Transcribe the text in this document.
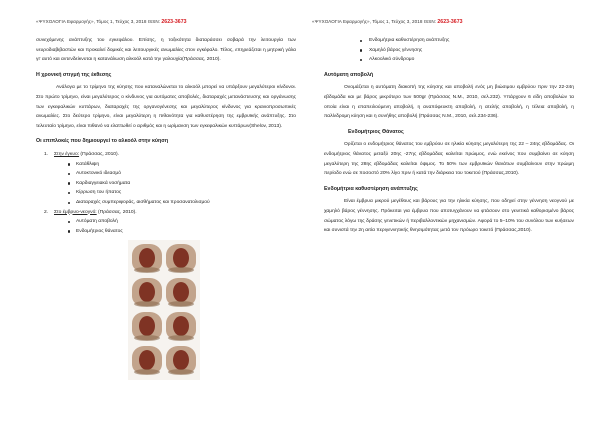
«ΨΥΧΟΛΟΓΙΑ Εφαρμογής», Τόμος 1, Τεύχος 3, 2018 ISSN: 2623-3673	«ΨΥΧΟΛΟΓΙΑ Εφαρμογής», Τόμος 1, Τεύχος 3, 2018 ISSN: 2623-3673

συνεχόμενης ανάπτυξης του εγκεφάλου. Επίσης, η τοξικότητα διαταράσσει σοβαρά την λειτουργία των νευροδιαβιβαστών και προκαλεί δομικές και λειτουργικές ανωμαλίες στον εγκέφαλο. Τέλος, επηρεάζεται η μητρική γάλα γι' αυτό και αντενδείκνυται η κατανάλωση αλκοόλ κατά την γαλουχία(Πράσσας, 2010).

Η χρονική στιγμή της έκθεσης

Ανάλογα με το τρίμηνο της κύησης που καταναλώνεται το αλκοόλ μπορεί να υπάρξουν μεγαλύτεροι κίνδυνοι. Στο πρώτο τρίμηνο, είναι μεγαλύτερος ο κίνδυνος για αυτόματες αποβολές, διαταραχές μετανάστευσης και οργάνωσης των εγκεφαλικών κυττάρων, διαταραχές της οργανογένεσης και μεγαλύτερος κίνδυνος για κρανιοπροσωπικές ανωμαλίες. Στο δεύτερο τρίμηνο, είναι μεγαλύτερη η πιθανότητα για καθυστέρηση της εμβρυϊκής ανάπτυξης. Στο τελευταίο τρίμηνο, είναι πιθανό να ελαττωθεί ο αριθμός και η ωρίμανση των εγκεφαλικών κυττάρων(Shelov, 2013).

Οι επιπλοκές που δημιουργεί το αλκοόλ στην κύηση
1. Στην έγκυο: (Πράσσας, 2010).
Κατάθλιψη
Αυτοκτονικό ιδεασμό
Καρδιαγγειακά νοσήματα
Κίρρωση του ήπατος
Διαταραχές συμπεριφοράς, αισθήματος και προσανατολισμού
2. Στο έμβρυο-νεογνό: (Πράσσας, 2010).
Αυτόματη αποβολή
Ενδομήτριος θάνατος
Ενδομήτρια καθυστέρηση ανάπτυξης
Χαμηλό βάρος γέννησης
Αλκοολικό σύνδρομο
Αυτόματη αποβολή

Ονομάζεται η αυτόματη διακοπή της κύησης και αποβολή ενός μη βιώσιμου εμβρύου πριν την 22-24η εβδομάδα και με βάρος μικρότερο των 500gr (Πράσσας Ν.Μ., 2010, σελ.232). Υπάρχουν 6 είδη αποβολών τα οποία είναι η επαπειλούμενη αποβολή, η αναπόφευκτη αποβολή, η ατελής αποβολή, η τέλεια αποβολή, η παλίνδρομη κύηση και η συνήθης αποβολή (Πράσσας Ν.Μ., 2010, σελ.234-236).

Ενδομήτριος Θάνατος

Ορίζεται ο ενδομήτριος θάνατος του εμβρύου σε ηλικία κύησης μεγαλύτερη της 22 – 24ης εβδομάδας. Οι ενδομήτριος θάνατος μεταξύ 20ης -27ης εβδομάδας καλείται πρώιμος, ενώ εκείνος που συμβαίνει σε κύηση μεγαλύτερη της 28ης εβδομάδας καλείται όψιμος. Το 50% των εμβρυϊκών θανάτων συμβαίνουν στην πρώιμη περίοδο ενώ σε ποσοστό 20% λίγο πριν ή κατά την διάρκεια του τοκετού (Πράσσας,2010).

Ενδομήτρια καθυστέρηση ανάπτυξης

Είναι έμβρυα μικρού μεγέθους και βάρους για την ηλικία κύησης, που οδηγεί στην γέννηση νεογνού με χαμηλό βάρος γέννησης. Πρόκειται για έμβρυα που αποτυγχάνουν να φτάσουν στο γενετικά καθορισμένο βάρος σώματος λόγω της δράσης γενετικών ή περιβαλλοντικών μηχανισμών. Αφορά το 5–10% του συνόλου των κυήσεων και συνιστά την 2η αιτία περιγεννητικής θνησιμότητας μετά τον πρόωρο τοκετό (Πράσσας,2010).
